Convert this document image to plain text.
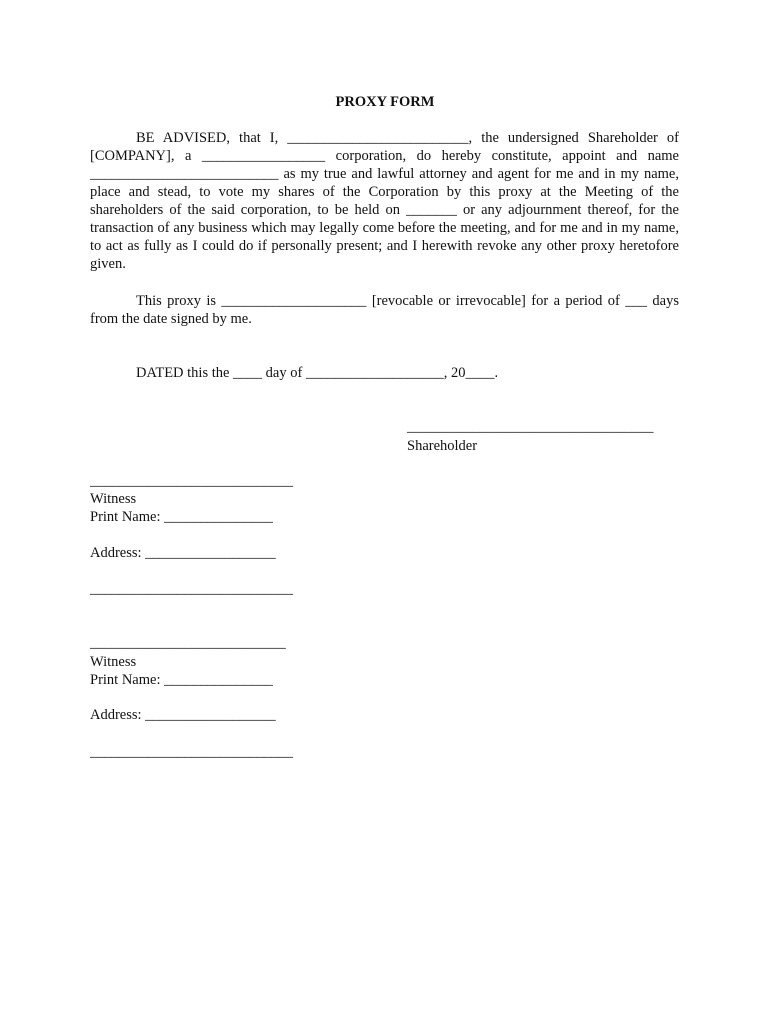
PROXY FORM

BE ADVISED, that I, _________________________, the undersigned Shareholder of [COMPANY], a _________________ corporation, do hereby constitute, appoint and name __________________________ as my true and lawful attorney and agent for me and in my name, place and stead, to vote my shares of the Corporation by this proxy at the Meeting of the shareholders of the said corporation, to be held on _______ or any adjournment thereof, for the transaction of any business which may legally come before the meeting, and for me and in my name, to act as fully as I could do if personally present; and I herewith revoke any other proxy heretofore given.

This proxy is ____________________ [revocable or irrevocable] for a period of ___ days from the date signed by me.

DATED this the ____ day of ___________________, 20____.
__________________________________
Shareholder
____________________________
Witness
Print Name: _______________
Address: __________________
____________________________
___________________________
Witness
Print Name: _______________
Address: __________________
____________________________
